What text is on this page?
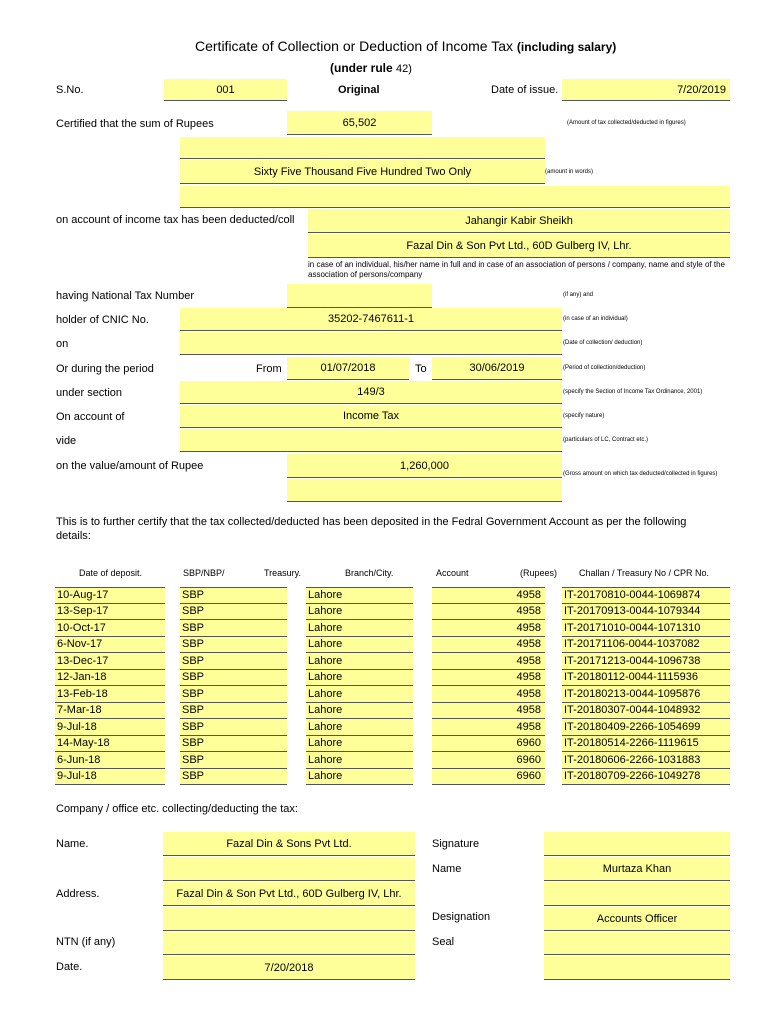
Certificate of Collection or Deduction of Income Tax (including salary)
(under rule 42)
S.No.	001	Original	Date of issue.	7/20/2019
Certified that the sum of Rupees	65,502	(Amount of tax collected/deducted in figures)
Sixty Five Thousand Five Hundred Two Only	(amount in words)
on account of income tax has been deducted/coll	Jahangir Kabir Sheikh
Fazal Din & Son Pvt Ltd., 60D Gulberg IV, Lhr.
in case of an individual, his/her name in full and in case of an association of persons / company, name and style of the association of persons/company
having National Tax Number	(if any) and
holder of CNIC No.	35202-7467611-1	(in case of an individual)
on	(Date of collection/ deduction)
Or during the period	From	01/07/2018	To	30/06/2019	(Period of collection/deduction)
under section	149/3	(specify the Section of Income Tax Ordinance, 2001)
On account of	Income Tax	(specify nature)
vide	(particulars of LC, Contract etc.)
on the value/amount of Rupee	1,260,000
(Gross amount on which tax deducted/collected in figures)
This is to further certify that the tax collected/deducted has been deposited in the Fedral Government Account as per the following details:
Date of deposit.	SBP/NBP/	Treasury.	Branch/City.	Account	(Rupees) Challan / Treasury No / CPR No.
10-Aug-17	SBP	Lahore	4958	IT-20170810-0044-1069874
13-Sep-17	SBP	Lahore	4958	IT-20170913-0044-1079344
10-Oct-17	SBP	Lahore	4958	IT-20171010-0044-1071310
6-Nov-17	SBP	Lahore	4958	IT-20171106-0044-1037082
13-Dec-17	SBP	Lahore	4958	IT-20171213-0044-1096738
12-Jan-18	SBP	Lahore	4958	IT-20180112-0044-1115936
13-Feb-18	SBP	Lahore	4958	IT-20180213-0044-1095876
7-Mar-18	SBP	Lahore	4958	IT-20180307-0044-1048932
9-Jul-18	SBP	Lahore	4958	IT-20180409-2266-1054699
14-May-18	SBP	Lahore	6960	IT-20180514-2266-1119615
6-Jun-18	SBP	Lahore	6960	IT-20180606-2266-1031883
9-Jul-18	SBP	Lahore	6960	IT-20180709-2266-1049278
Company / office etc. collecting/deducting the tax:
Name.	Fazal Din & Sons Pvt Ltd.
Address.	Fazal Din & Son Pvt Ltd., 60D Gulberg IV, Lhr.
NTN (if any)
Date.	7/20/2018
Signature
Name	Murtaza Khan
Designation	Accounts Officer
Seal
